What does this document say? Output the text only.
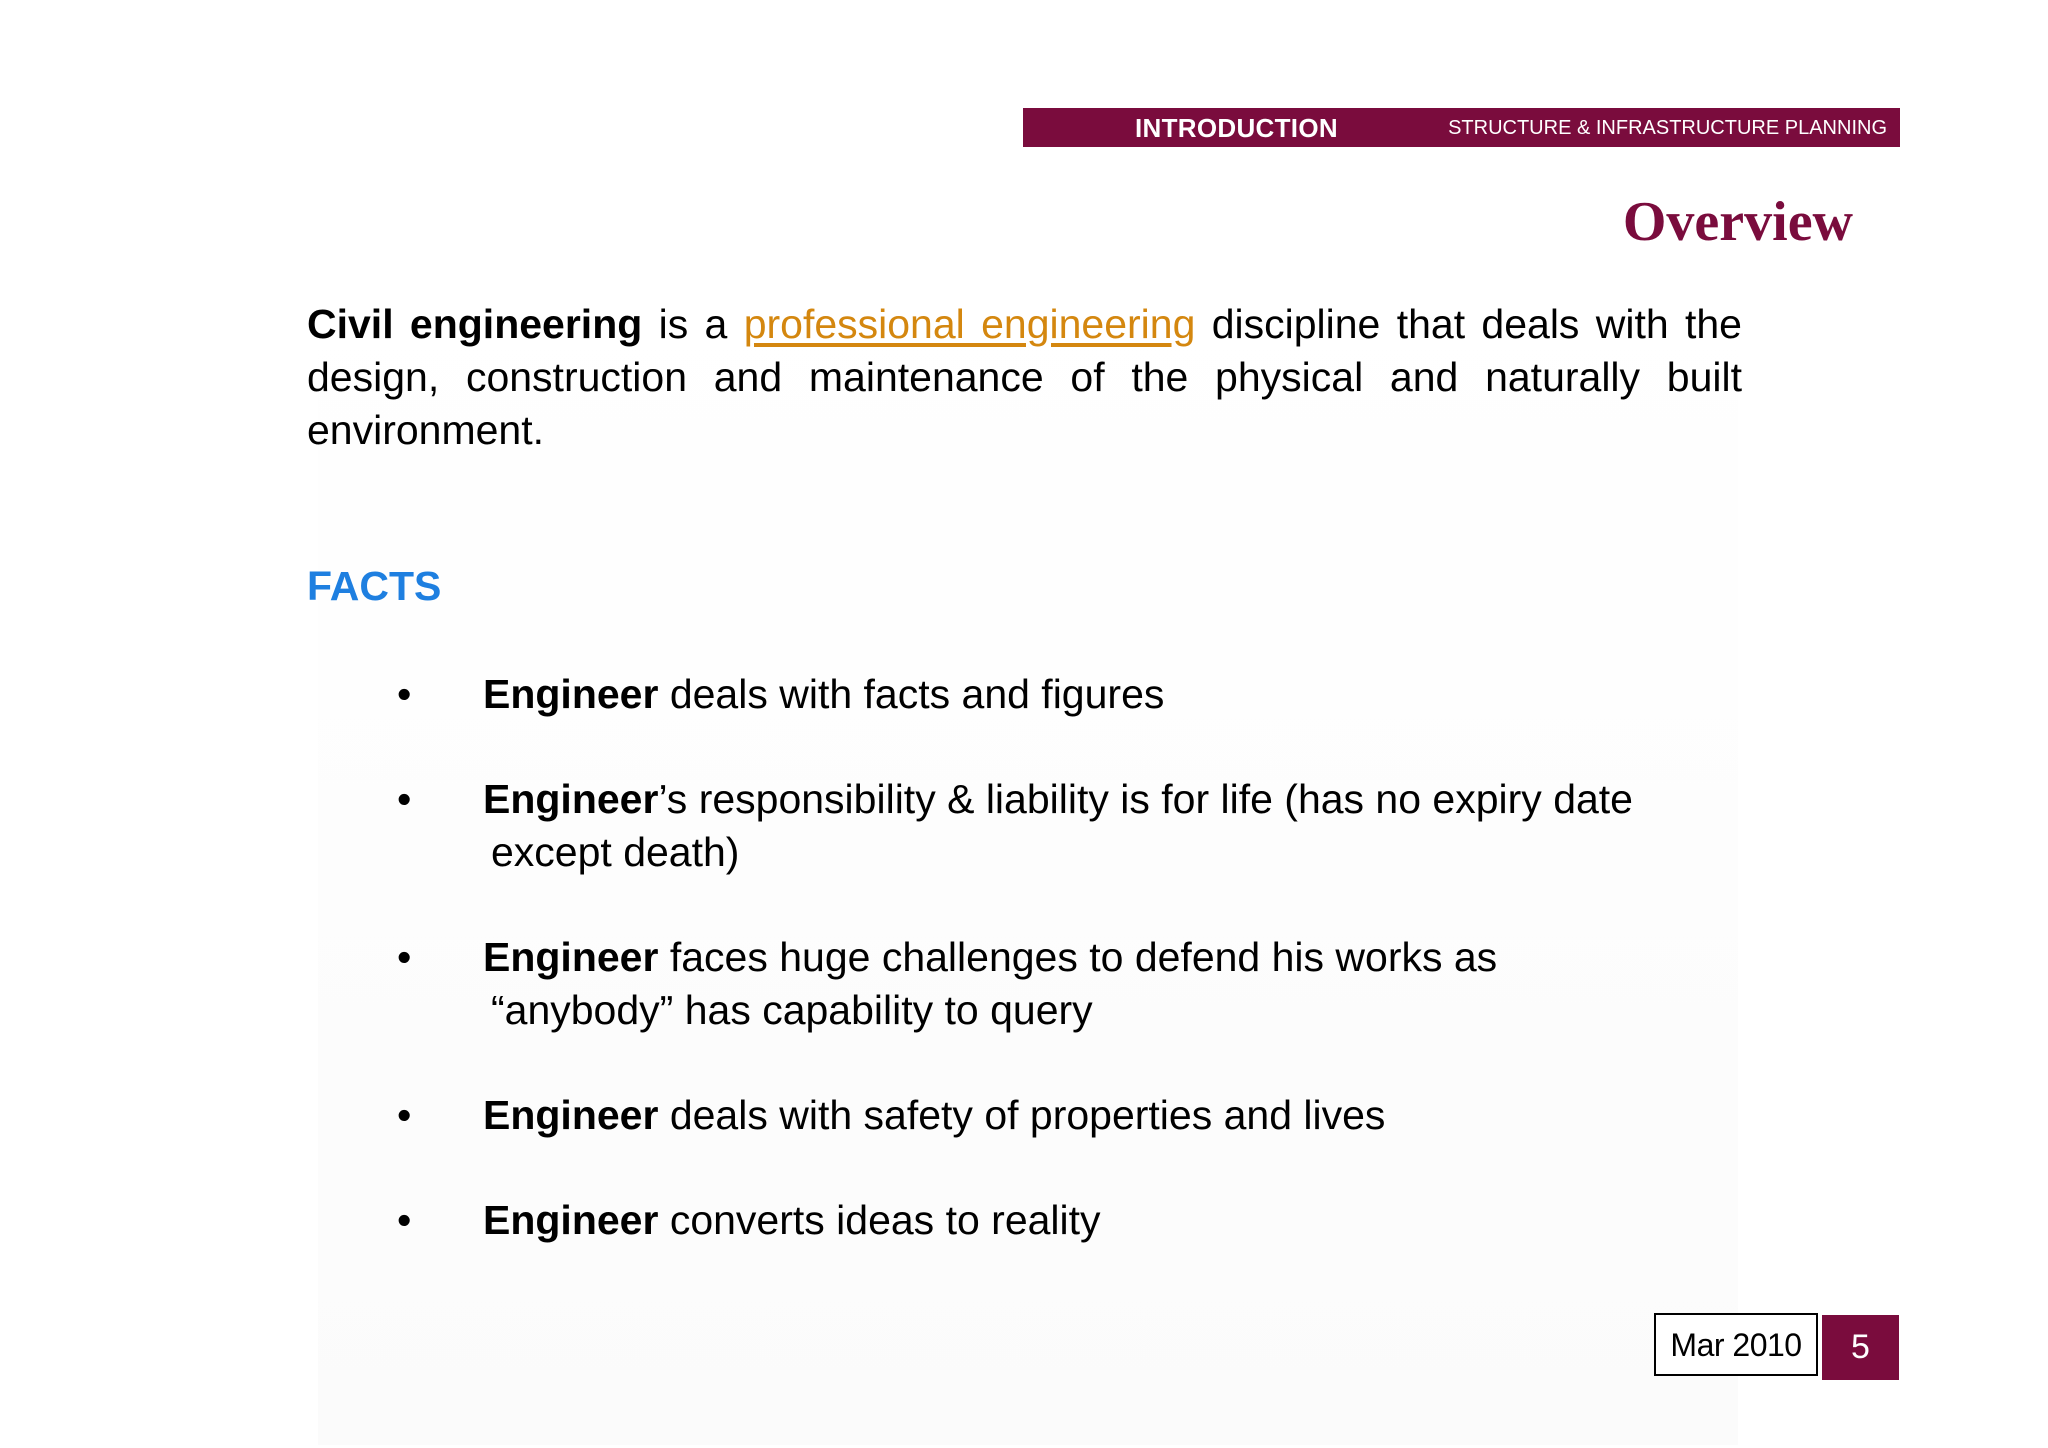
INTRODUCTION	STRUCTURE & INFRASTRUCTURE PLANNING
Overview

Civil engineering is a professional engineering discipline that deals with the design, construction and maintenance of the physical and naturally built environment.

FACTS
• Engineer deals with facts and figures
• Engineer’s responsibility & liability is for life (has no expiry date
except death)
• Engineer faces huge challenges to defend his works as
“anybody” has capability to query
• Engineer deals with safety of properties and lives
• Engineer converts ideas to reality
Mar 2010	5
